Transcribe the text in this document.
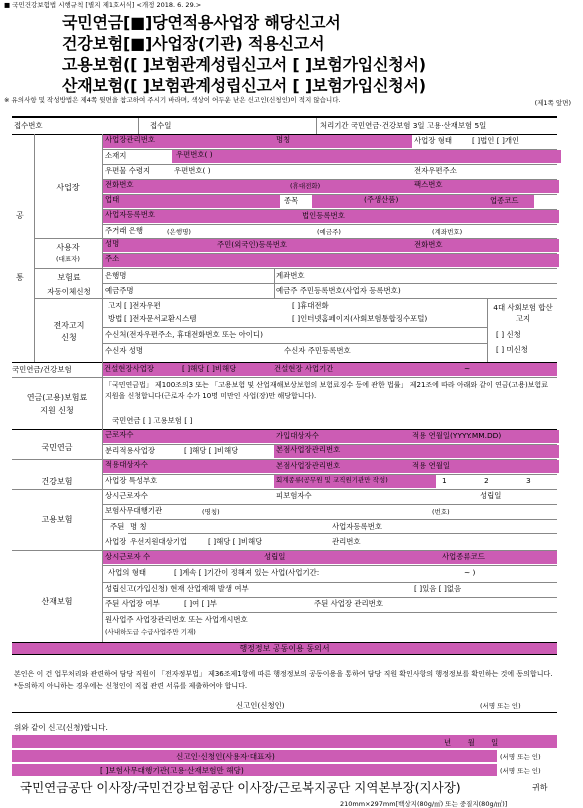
■ 국민건강보험법 시행규칙 [별지 제1호서식] <개정 2018. 6. 29.>
국민연금[■]당연적용사업장 해당신고서
건강보험[■]사업장(기관) 적용신고서
고용보험([ ]보험관계성립신고서 [ ]보험가입신청서)
산재보험([ ]보험관계성립신고서 [ ]보험가입신청서)
※ 유의사항 및 작성방법은 제4쪽 뒷면을 참고하여 주시기 바라며, 색상이 어두운 난은 신고인(신청인)이 적지 않습니다.	(제1쪽 앞면)
접수번호	접수일	처리기간 국민연금·건강보험 3일 고용·산재보험 5일
공
통
사업장
사업장관리번호	명칭	사업장 형태	[ ]법인 [ ]개인
소재지	우편번호( )
우편물 수령지	우편번호( )	전자우편주소
전화번호	(휴대전화)	팩스번호
업태	종목	(주생산품)	업종코드
사업자등록번호	법인등록번호
주거래 은행	(은행명)	(예금주)	(계좌번호)
사용자
(대표자)
성명	주민(외국인)등록번호	전화번호
주소
보험료
자동이체신청
은행명	계좌번호
예금주명	예금주 주민등록번호(사업자 등록번호)
전자고지
신청
고지 [ ]전자우편	[ ]휴대전화
방법 [ ]전자문서교환시스템	[ ]인터넷홈페이지(사회보험통합징수포털)
수신처(전자우편주소, 휴대전화번호 또는 아이디)
수신자 성명	수신자 주민등록번호
4대 사회보험 합산고지
[ ] 신청
[ ] 미신청
국민연금/건강보험	건설현장사업장	[ ]해당 [ ]비해당	건설현장 사업기간	~
연금(고용)보험료
지원 신청
「국민연금법」 제100조의3 또는 「고용보험 및 산업재해보상보험의 보험료징수 등에 관한 법률」 제21조에 따라 아래와 같이 연금(고용)보험료 지원을 신청합니다(근로자 수가 10명 미만인 사업(장)만 해당합니다).
국민연금 [ ] 고용보험 [ ]
국민연금
근로자수	가입대상자수	적용 연월일(YYYY.MM.DD)
분리적용사업장	[ ]해당 [ ]비해당	본점사업장관리번호
건강보험
적용대상자수	본점사업장관리번호	적용 연월일
사업장 특성부호	회계종류(공무원 및 교직원기관만 작성)	1	2	3
고용보험
상시근로자수	피보험자수	성립일
보험사무대행기관	(명칭)	(번호)
주된 명 칭	사업자등록번호
사업장 우선지원대상기업	[ ]해당 [ ]비해당	관리번호
산재보험
상시근로자 수	성립일	사업종류코드
사업의 형태	[ ]계속 [ ]기간이 정해져 있는 사업(사업기간:	~ )
성립신고(가입신청) 현재 산업재해 발생 여부	[ ]있음 [ ]없음
주된 사업장 여부	[ ]여 [ ]부	주된 사업장 관리번호
원사업주 사업장관리번호 또는 사업개시번호
(사내하도급 수급사업주만 기재)
행정정보 공동이용 동의서
본인은 이 건 업무처리와 관련하여 담당 직원이 「전자정부법」 제36조제1항에 따른 행정정보의 공동이용을 통하여 담당 직원 확인사항의 행정정보를 확인하는 것에 동의합니다. *동의하지 아니하는 경우에는 신청인이 직접 관련 서류를 제출하여야 합니다.
신고인(신청인)	(서명 또는 인)
위와 같이 신고(신청)합니다.
년       월       일
신고인·신청인(사용자·대표자)	(서명 또는 인)
[ ]보험사무대행기관(고용·산재보험만 해당)	(서명 또는 인)
국민연금공단 이사장/국민건강보험공단 이사장/근로복지공단 지역본부장(지사장)	귀하
210mm×297mm[백상지(80g/㎡) 또는 중질지(80g/㎡)]
